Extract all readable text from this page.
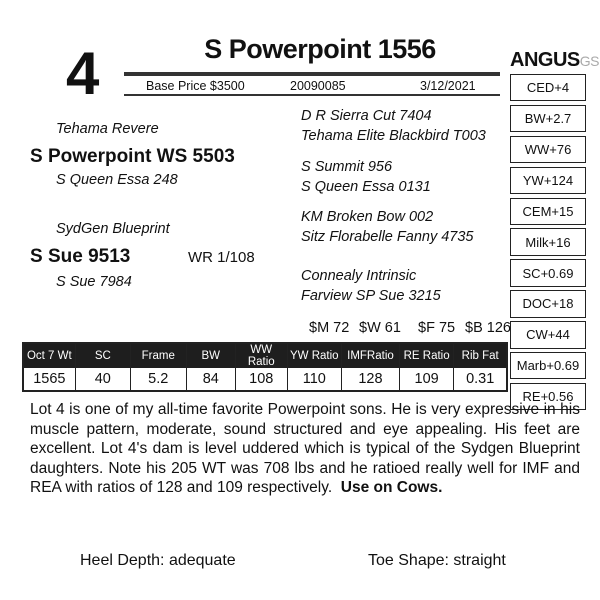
4	S Powerpoint 1556
Base Price $3500	20090085	3/12/2021
ANGUSGS
Tehama Revere
S Powerpoint WS 5503
S Queen Essa 248
SydGen Blueprint
S Sue 9513	WR 1/108
S Sue 7984
D R Sierra Cut 7404
Tehama Elite Blackbird T003
S Summit 956
S Queen Essa 0131
KM Broken Bow 002
Sitz Florabelle Fanny 4735
Connealy Intrinsic
Farview SP Sue 3215
CED+4
BW+2.7
WW+76
YW+124
CEM+15
Milk+16
SC+0.69
DOC+18
CW+44
Marb+0.69
RE+0.56
$M 72 $W 61 $F 75 $B 126
Oct 7 Wt	SC	Frame	BW	WW Ratio	YW Ratio	IMFRatio	RE Ratio	Rib Fat
1565	40	5.2	84	108	110	128	109	0.31
Lot 4 is one of my all-time favorite Powerpoint sons. He is very expressive in his muscle pattern, moderate, sound structured and eye appealing. His feet are excellent. Lot 4's dam is level uddered which is typical of the Sydgen Blueprint daughters. Note his 205 WT was 708 lbs and he ratioed really well for IMF and REA with ratios of 128 and 109 respectively. Use on Cows.
Heel Depth: adequate	Toe Shape: straight
